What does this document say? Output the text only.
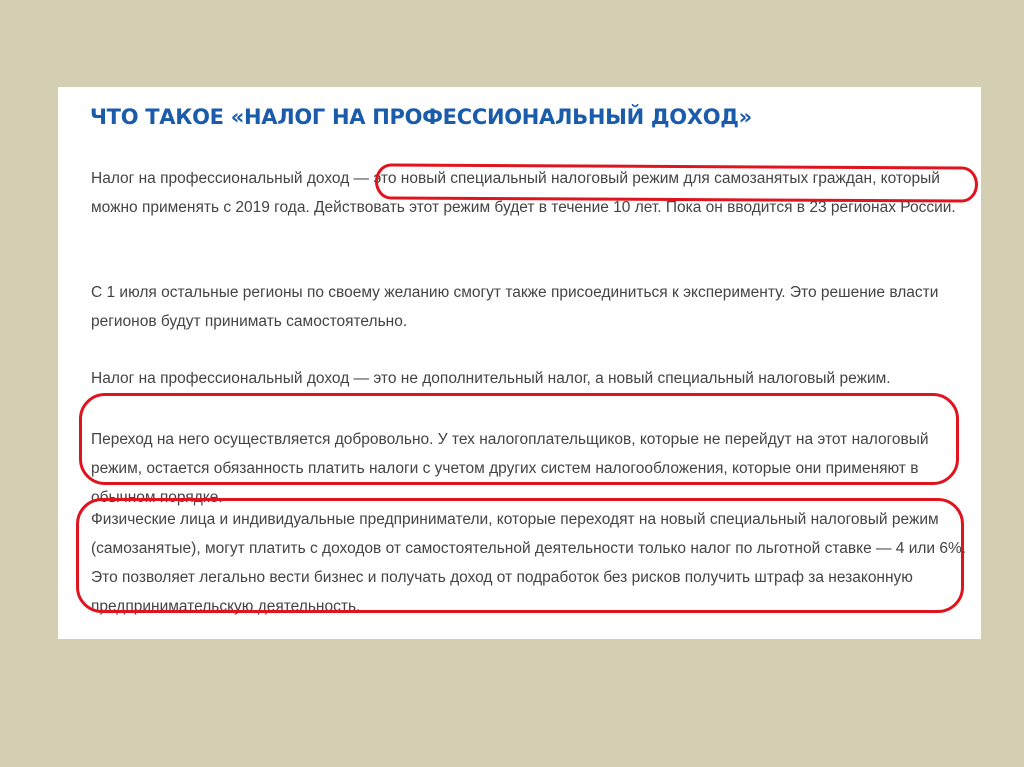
ЧТО ТАКОЕ «НАЛОГ НА ПРОФЕССИОНАЛЬНЫЙ ДОХОД»

Налог на профессиональный доход — это новый специальный налоговый режим для самозанятых граждан, который можно применять с 2019 года. Действовать этот режим будет в течение 10 лет. Пока он вводится в 23 регионах России.

С 1 июля остальные регионы по своему желанию смогут также присоединиться к эксперименту. Это решение власти регионов будут принимать самостоятельно.

Налог на профессиональный доход — это не дополнительный налог, а новый специальный налоговый режим.

Переход на него осуществляется добровольно. У тех налогоплательщиков, которые не перейдут на этот налоговый режим, остается обязанность платить налоги с учетом других систем налогообложения, которые они применяют в обычном порядке.

Физические лица и индивидуальные предприниматели, которые переходят на новый специальный налоговый режим (самозанятые), могут платить с доходов от самостоятельной деятельности только налог по льготной ставке — 4 или 6%. Это позволяет легально вести бизнес и получать доход от подработок без рисков получить штраф за незаконную предпринимательскую деятельность.
